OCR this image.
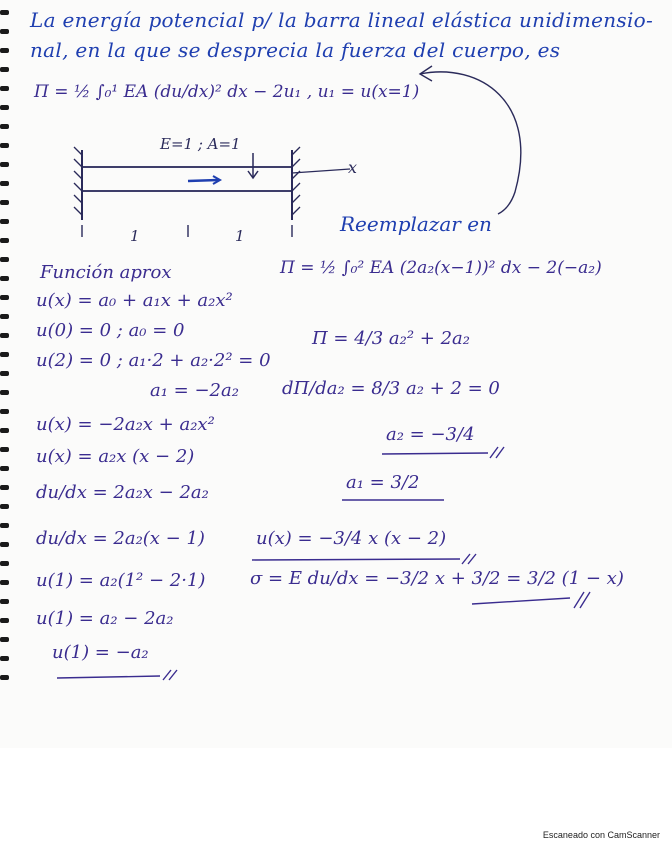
La energía potencial p/ la barra lineal elástica unidimensio-
nal, en la que se desprecia la fuerza del cuerpo, es
Π = ½ ∫₀¹ EA (du/dx)² dx − 2u₁ , u₁ = u(x=1)
x
E=1 ; A=1
1	1	Reemplazar en
Función aprox
u(x) = a₀ + a₁x + a₂x²
u(0) = 0 ; a₀ = 0
u(2) = 0 ; a₁·2 + a₂·2² = 0
a₁ = −2a₂
u(x) = −2a₂x + a₂x²
u(x) = a₂x (x − 2)
du/dx = 2a₂x − 2a₂
du/dx = 2a₂(x − 1)
u(1) = a₂(1² − 2·1)
u(1) = a₂ − 2a₂
u(1) = −a₂
Π = ½ ∫₀² EA (2a₂(x−1))² dx − 2(−a₂)
Π = 4/3 a₂² + 2a₂
dΠ/da₂ = 8/3 a₂ + 2 = 0
a₂ = −3/4
a₁ = 3/2
u(x) = −3/4 x (x − 2)
σ = E du/dx = −3/2 x + 3/2 = 3/2 (1 − x)
Escaneado con CamScanner
